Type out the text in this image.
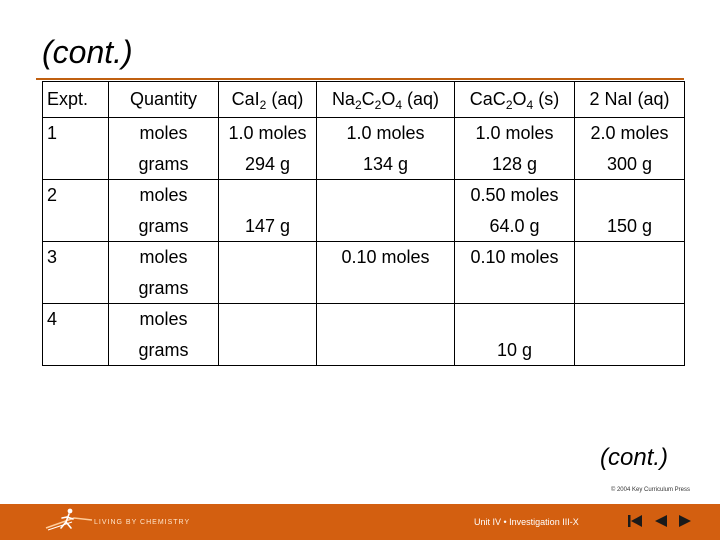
(cont.)
Expt.	Quantity	CaI$_2$ (aq)	$Na_2C_2O_4$ (aq)	$CaC_2O_4$ (s)	2 NaI (aq)
1	moles	1.0 moles	1.0 moles	1.0 moles	2.0 moles
	grams	294 g	134 g	128 g	300 g
2	moles			0.50 moles	
	grams	147 g		64.0 g	150 g
3	moles		0.10 moles	0.10 moles	
	grams				
4	moles				
	grams			10 g	
(cont.)
© 2004 Key Curriculum Press
LIVING BY CHEMISTRY	Unit IV • Investigation III-X
